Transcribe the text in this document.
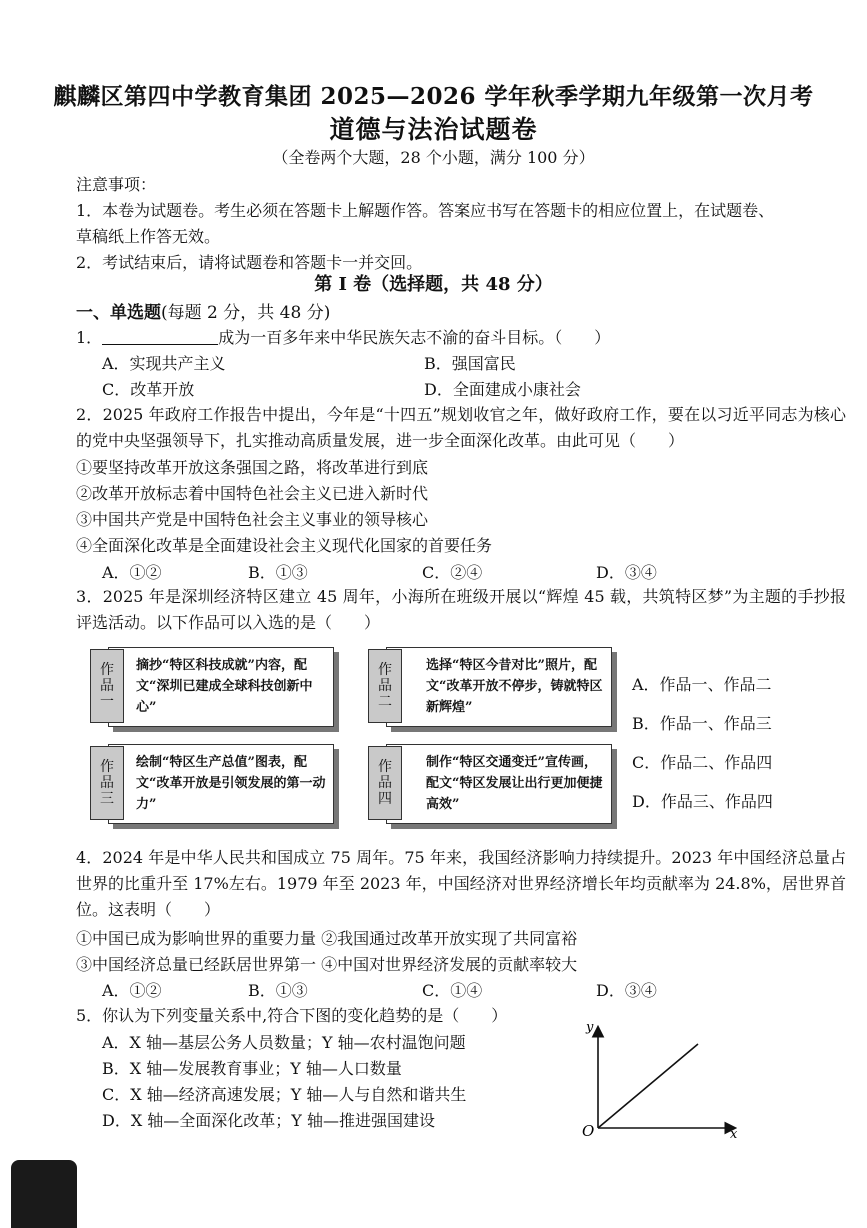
麒麟区第四中学教育集团 2025—2026 学年秋季学期九年级第一次月考
道德与法治试题卷
（全卷两个大题，28 个小题，满分 100 分）
注意事项：
1．本卷为试题卷。考生必须在答题卡上解题作答。答案应书写在答题卡的相应位置上，在试题卷、
草稿纸上作答无效。
2．考试结束后，请将试题卷和答题卡一并交回。
第 I 卷（选择题，共 48 分）
一、单选题(每题 2 分，共 48 分)
1．	成为一百多年来中华民族矢志不渝的奋斗目标。（　　）
A．实现共产主义	B．强国富民
C．改革开放	D．全面建成小康社会
2．2025 年政府工作报告中提出，今年是“十四五”规划收官之年，做好政府工作，要在以习近平同志为核心的党中央坚强领导下，扎实推动高质量发展，进一步全面深化改革。由此可见（　　）
①要坚持改革开放这条强国之路，将改革进行到底
②改革开放标志着中国特色社会主义已进入新时代
③中国共产党是中国特色社会主义事业的领导核心
④全面深化改革是全面建设社会主义现代化国家的首要任务
A．①②	B．①③	C．②④	D．③④
3．2025 年是深圳经济特区建立 45 周年，小海所在班级开展以“辉煌 45 载，共筑特区梦”为主题的手抄报评选活动。以下作品可以入选的是（　　）
作
品
一
摘抄“特区科技成就”内容，配文“深圳已建成全球科技创新中心”
作
品
二
选择“特区今昔对比”照片，配文“改革开放不停步，铸就特区新辉煌”
作
品
三
绘制“特区生产总值”图表，配文“改革开放是引领发展的第一动力”
作
品
四
制作“特区交通变迁”宣传画，配文“特区发展让出行更加便捷高效”
A．作品一、作品二
B．作品一、作品三
C．作品二、作品四
D．作品三、作品四
4．2024 年是中华人民共和国成立 75 周年。75 年来，我国经济影响力持续提升。2023 年中国经济总量占世界的比重升至 17%左右。1979 年至 2023 年，中国经济对世界经济增长年均贡献率为 24.8%，居世界首位。这表明（　　）
①中国已成为影响世界的重要力量 ②我国通过改革开放实现了共同富裕
③中国经济总量已经跃居世界第一 ④中国对世界经济发展的贡献率较大
A．①②	B．①③	C．①④	D．③④
5．你认为下列变量关系中,符合下图的变化趋势的是（　　）
A．X 轴—基层公务人员数量；Y 轴—农村温饱问题
B．X 轴—发展教育事业；Y 轴—人口数量
C．X 轴—经济高速发展；Y 轴—人与自然和谐共生
D．X 轴—全面深化改革；Y 轴—推进强国建设
y
O	x
